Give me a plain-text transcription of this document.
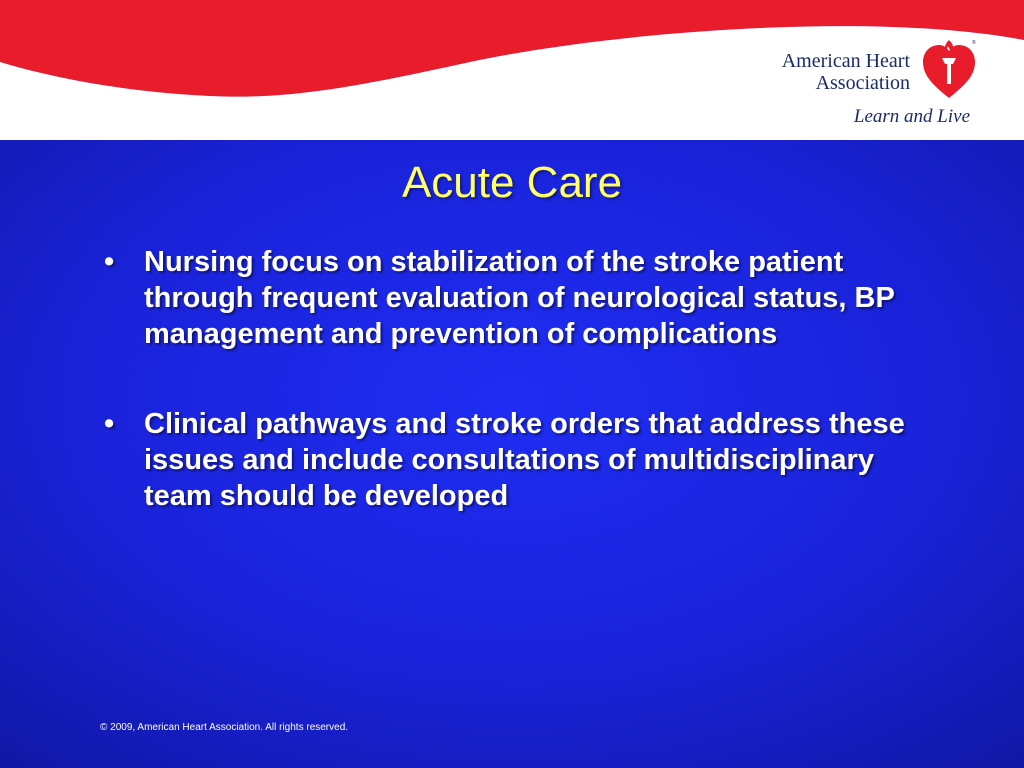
American Heart
Association
®
Learn and Live
Acute Care
• Nursing focus on stabilization of the stroke patient through frequent evaluation of neurological status, BP management and prevention of complications
• Clinical pathways and stroke orders that address these issues and include consultations of multidisciplinary team should be developed
© 2009, American Heart Association. All rights reserved.
